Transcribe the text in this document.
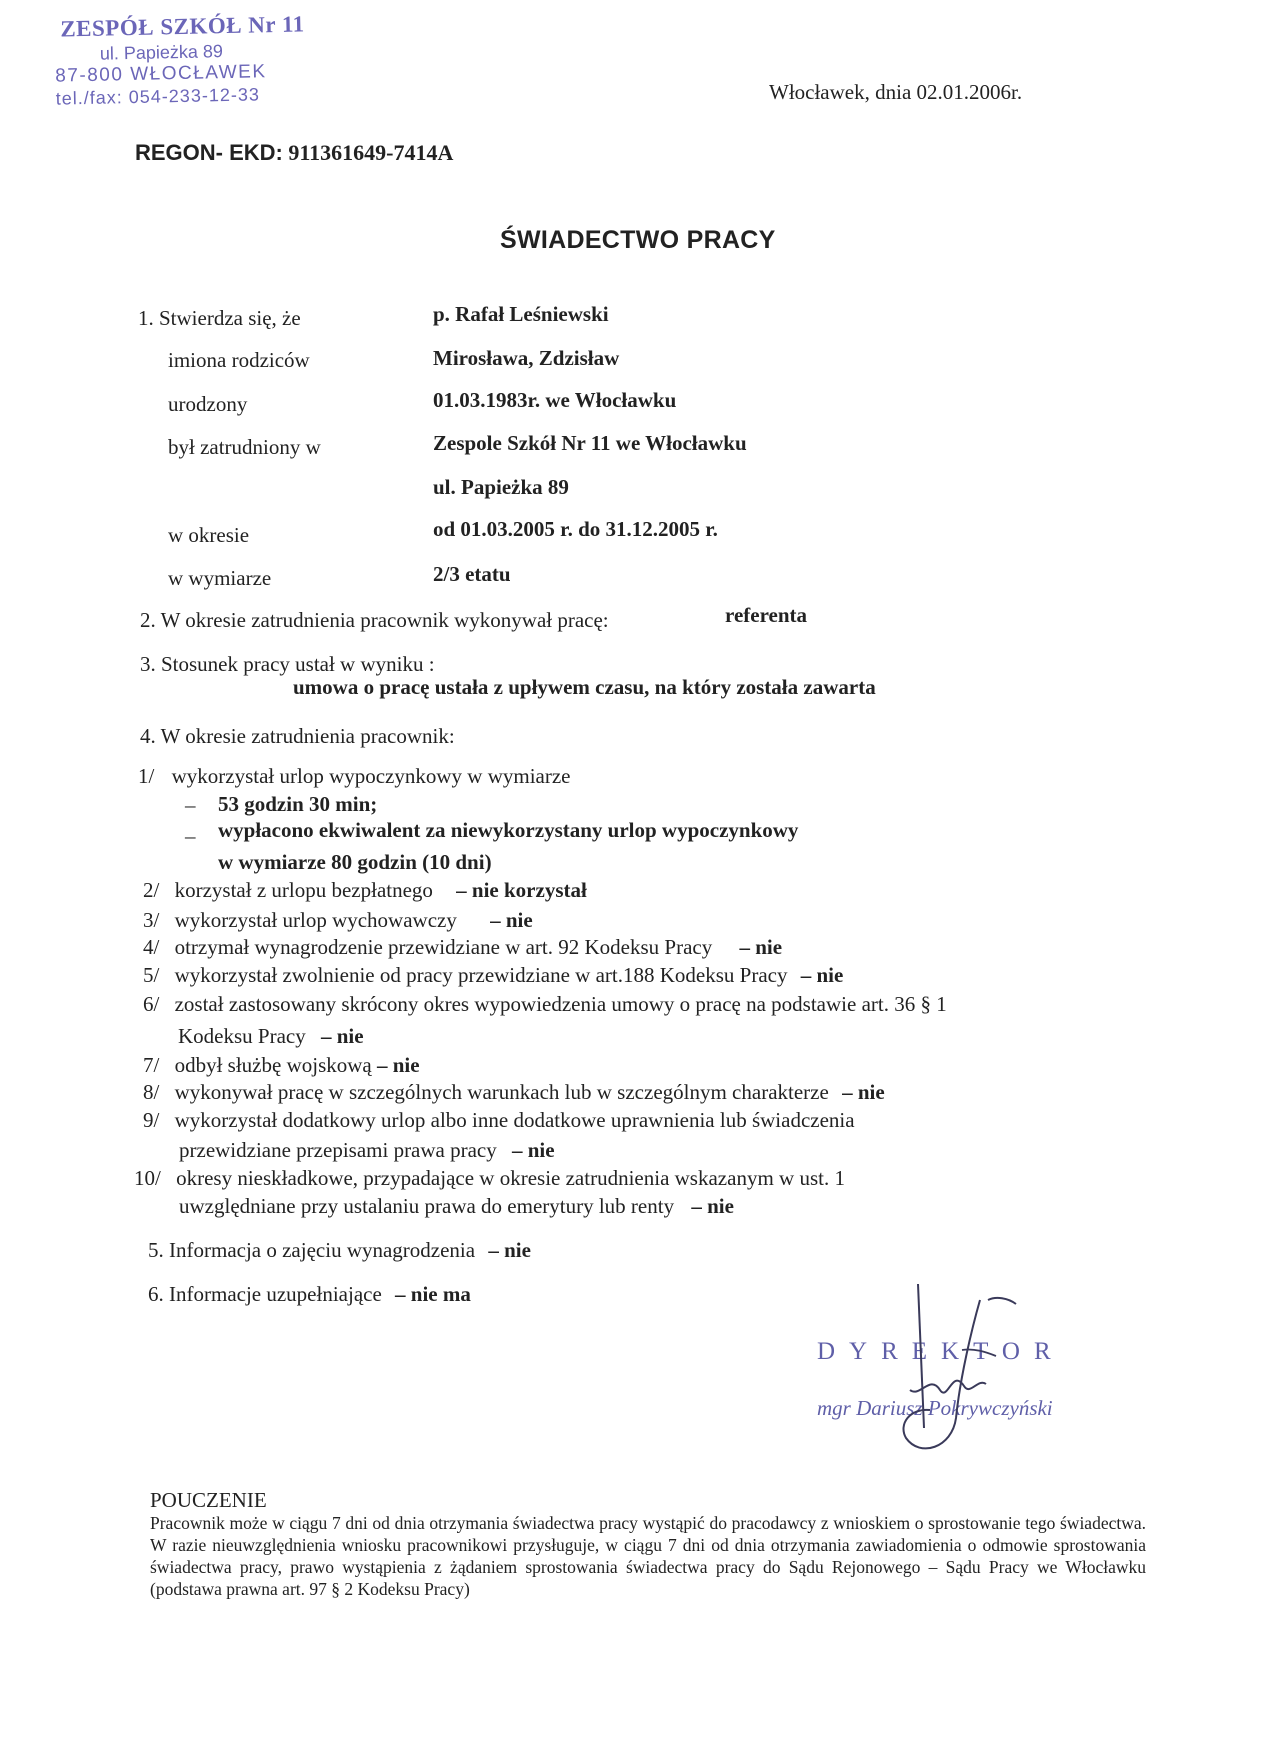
ZESPÓŁ SZKÓŁ Nr 11
ul. Papieżka 89
87-800 WŁOCŁAWEK
tel./fax: 054-233-12-33	Włocławek, dnia 02.01.2006r.
REGON- EKD: 911361649-7414A
ŚWIADECTWO PRACY
1. Stwierdza się, że	p. Rafał Leśniewski
imiona rodziców	Mirosława, Zdzisław
urodzony	01.03.1983r. we Włocławku
był zatrudniony w	Zespole Szkół Nr 11 we Włocławku
ul. Papieżka 89
w okresie	od 01.03.2005 r. do 31.12.2005 r.
w wymiarze	2/3 etatu
2. W okresie zatrudnienia pracownik wykonywał pracę:	referenta
3. Stosunek pracy ustał w wyniku :
umowa o pracę ustała z upływem czasu, na który została zawarta
4. W okresie zatrudnienia pracownik:
1/ wykorzystał urlop wypoczynkowy w wymiarze
– 53 godzin 30 min;
– wypłacono ekwiwalent za niewykorzystany urlop wypoczynkowy
w wymiarze 80 godzin (10 dni)
2/ korzystał z urlopu bezpłatnego – nie korzystał
3/ wykorzystał urlop wychowawczy – nie
4/ otrzymał wynagrodzenie przewidziane w art. 92 Kodeksu Pracy – nie
5/ wykorzystał zwolnienie od pracy przewidziane w art.188 Kodeksu Pracy – nie
6/ został zastosowany skrócony okres wypowiedzenia umowy o pracę na podstawie art. 36 § 1
Kodeksu Pracy – nie
7/ odbył służbę wojskową – nie
8/ wykonywał pracę w szczególnych warunkach lub w szczególnym charakterze – nie
9/ wykorzystał dodatkowy urlop albo inne dodatkowe uprawnienia lub świadczenia
przewidziane przepisami prawa pracy – nie
10/ okresy nieskładkowe, przypadające w okresie zatrudnienia wskazanym w ust. 1
uwzględniane przy ustalaniu prawa do emerytury lub renty – nie
5. Informacja o zajęciu wynagrodzenia – nie
6. Informacje uzupełniające – nie ma
DYREKTOR
mgr Dariusz Pokrywczyński
POUCZENIE
Pracownik może w ciągu 7 dni od dnia otrzymania świadectwa pracy wystąpić do pracodawcy z wnioskiem o sprostowanie tego świadectwa. W razie nieuwzględnienia wniosku pracownikowi przysługuje, w ciągu 7 dni od dnia otrzymania zawiadomienia o odmowie sprostowania świadectwa pracy, prawo wystąpienia z żądaniem sprostowania świadectwa pracy do Sądu Rejonowego – Sądu Pracy we Włocławku (podstawa prawna art. 97 § 2 Kodeksu Pracy)
